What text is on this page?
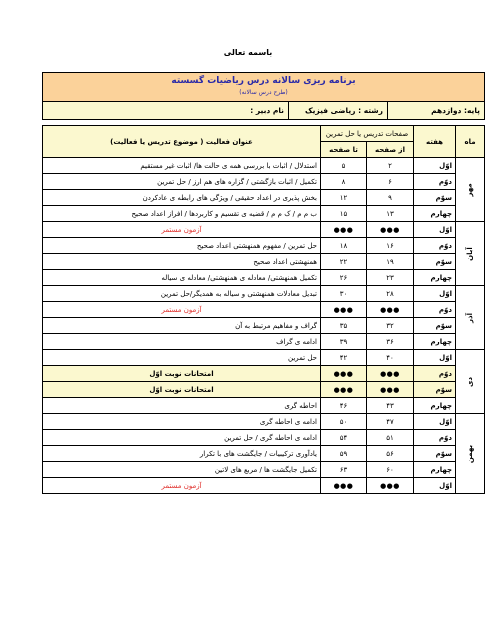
باسمه تعالی
برنامه ریزی سالانه درس ریاضیات گسسته
(طرح درس سالانه)

پایه: دوازدهم	رشته : ریاضی فیزیک	نام دبیر :
ماه	هفته	صفحات تدریس یا حل تمرین		عنوان فعالیت ( موضوع تدریس یا فعالیت)
		از صفحه	تا صفحه	
مهر	اوّل	۲	۵	استدلال / اثبات با بررسی همه ی حالت ها/ اثبات غیر مستقیم
	دوّم	۶	۸	تکمیل / اثبات بازگشتی / گزاره های هم ارز / حل تمرین
	سوّم	۹	۱۲	بخش پذیری در اعداد حقیقی / ویژگی های رابطه ی عادکردن
	چهارم	۱۳	۱۵	ب م م / ک م م / قضیه ی تقسیم و کاربردها / افراز اعداد صحیح
آبان	اوّل	●●●	●●●	آزمون مستمر
	دوّم	۱۶	۱۸	حل تمرین / مفهوم همنهشتی اعداد صحیح
	سوّم	۱۹	۲۲	همنهشتی اعداد صحیح
	چهارم	۲۳	۲۶	تکمیل همنهشتی/ معادله ی همنهشتی/ معادله ی سیاله
آذر	اوّل	۲۸	۳۰	تبدیل معادلات همنهشتی و سیاله به همدیگر/حل تمرین
	دوّم	●●●	●●●	آزمون مستمر
	سوّم	۳۲	۳۵	گراف و مفاهیم مرتبط به آن
	چهارم	۳۶	۳۹	ادامه ی گراف
دی	اوّل	۴۰	۴۲	حل تمرین
	دوّم	●●●	●●●	امتحانات نوبت اوّل
	سوّم	●●●	●●●	امتحانات نوبت اوّل
	چهارم	۴۳	۴۶	احاطه گری
بهمن	اوّل	۴۷	۵۰	ادامه ی احاطه گری
	دوّم	۵۱	۵۴	ادامه ی احاطه گری / حل تمرین
	سوّم	۵۶	۵۹	یادآوری ترکیبیات / جایگشت های با تکرار
	چهارم	۶۰	۶۳	تکمیل جایگشت ها / مربع های لاتین
	اوّل	●●●	●●●	آزمون مستمر
